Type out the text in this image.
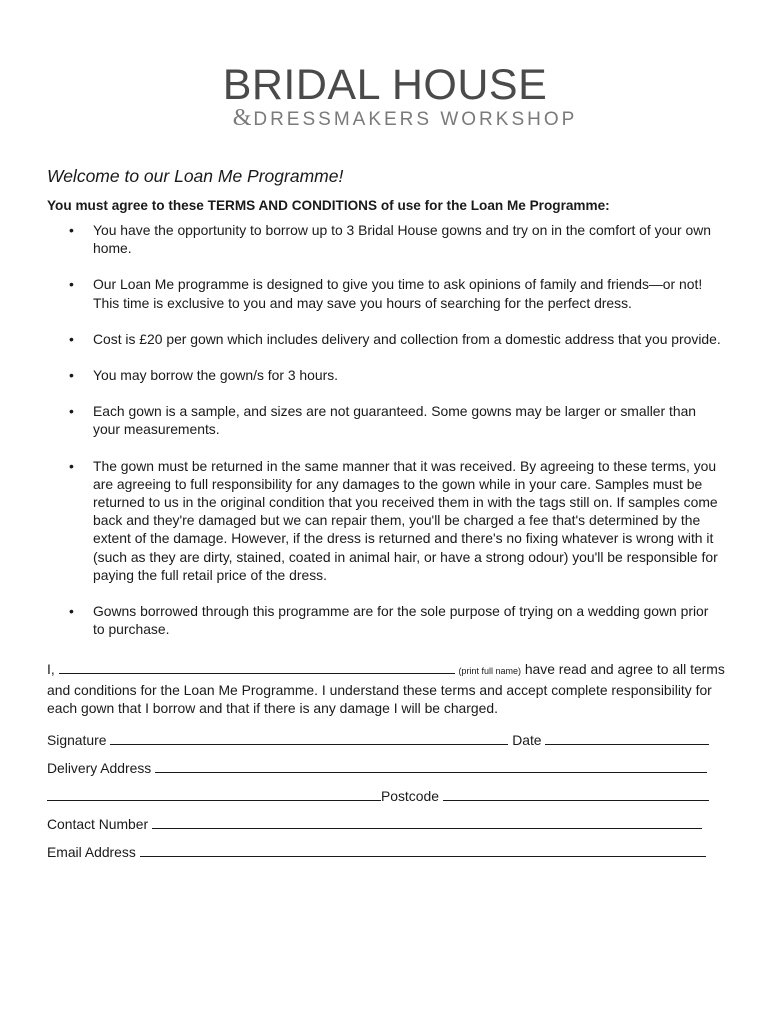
BRIDAL HOUSE
& DRESSMAKERS WORKSHOP

Welcome to our Loan Me Programme!

You must agree to these TERMS AND CONDITIONS of use for the Loan Me Programme:

• You have the opportunity to borrow up to 3 Bridal House gowns and try on in the comfort of your own home.
• Our Loan Me programme is designed to give you time to ask opinions of family and friends—or not! This time is exclusive to you and may save you hours of searching for the perfect dress.
• Cost is £20 per gown which includes delivery and collection from a domestic address that you provide.
• You may borrow the gown/s for 3 hours.
• Each gown is a sample, and sizes are not guaranteed. Some gowns may be larger or smaller than your measurements.
• The gown must be returned in the same manner that it was received. By agreeing to these terms, you are agreeing to full responsibility for any damages to the gown while in your care. Samples must be returned to us in the original condition that you received them in with the tags still on. If samples come back and they're damaged but we can repair them, you'll be charged a fee that's determined by the extent of the damage. However, if the dress is returned and there's no fixing whatever is wrong with it (such as they are dirty, stained, coated in animal hair, or have a strong odour) you'll be responsible for paying the full retail price of the dress.
• Gowns borrowed through this programme are for the sole purpose of trying on a wedding gown prior to purchase.
I,	(print full name) have read and agree to all terms and conditions for the Loan Me Programme. I understand these terms and accept complete responsibility for each gown that I borrow and that if there is any damage I will be charged.
Signature	Date
Delivery Address
Postcode
Contact Number
Email Address
